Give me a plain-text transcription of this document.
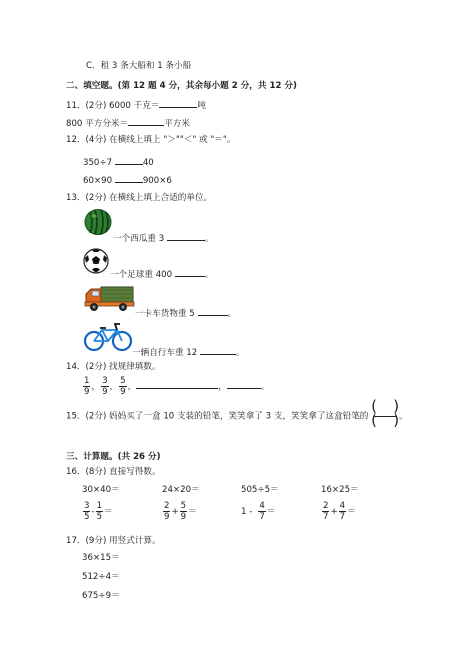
C．租 3 条大船和 1 条小船
二、填空题。(第 12 题 4 分，其余每小题 2 分，共 12 分)
11．(2分) 6000 千克＝	吨
800 平方分米＝	平方米
12．(4分) 在横线上填上 "＞""＜" 或 "＝"。
350÷7	40
60×90	900×6
13．(2分) 在横线上填上合适的单位。
一个西瓜重 3	。
一个足球重 400	。
一卡车货物重 5	。
一辆自行车重 12	。
14．(2分) 找规律填数。
$\frac{1}{9}$ ， $\frac{3}{9}$ ， $\frac{5}{9}$ ，	，	。
15．(2分) 妈妈买了一盒 10 支装的铅笔，笑笑拿了 3 支，笑笑拿了这盒铅笔的
( )
( ) 。
三、计算题。(共 26 分)
16．(8分) 直接写得数。
30×40＝	24×20＝	505÷5＝	16×25＝
$\frac{3}{5} - \frac{1}{5}$ ＝	$\frac{2}{9} + \frac{5}{9}$ ＝	$1 - \frac{4}{7}$ ＝	$\frac{2}{7} + \frac{4}{7}$ ＝
17．(9分) 用竖式计算。
36×15＝
512÷4＝
675÷9＝
